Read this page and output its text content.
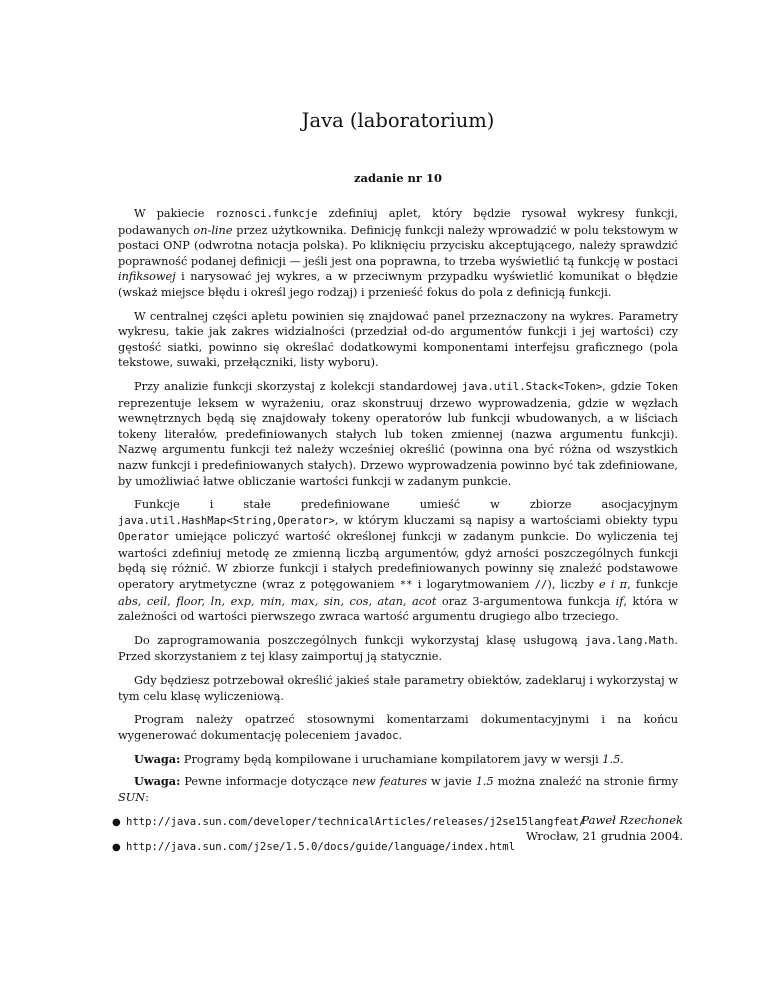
Java (laboratorium)
zadanie nr 10

W pakiecie roznosci.funkcje zdefiniuj aplet, który będzie rysował wykresy funkcji, podawanych on-line przez użytkownika. Definicję funkcji należy wprowadzić w polu tekstowym w postaci ONP (odwrotna notacja polska). Po kliknięciu przycisku akceptującego, należy sprawdzić poprawność podanej definicji — jeśli jest ona poprawna, to trzeba wyświetlić tą funkcję w postaci infiksowej i narysować jej wykres, a w przeciwnym przypadku wyświetlić komunikat o błędzie (wskaż miejsce błędu i określ jego rodzaj) i przenieść fokus do pola z definicją funkcji.

W centralnej części apletu powinien się znajdować panel przeznaczony na wykres. Parametry wykresu, takie jak zakres widzialności (przedział od-do argumentów funkcji i jej wartości) czy gęstość siatki, powinno się określać dodatkowymi komponentami interfejsu graficznego (pola tekstowe, suwaki, przełączniki, listy wyboru).

Przy analizie funkcji skorzystaj z kolekcji standardowej java.util.Stack<Token>, gdzie Token reprezentuje leksem w wyrażeniu, oraz skonstruuj drzewo wyprowadzenia, gdzie w węzłach wewnętrznych będą się znajdowały tokeny operatorów lub funkcji wbudowanych, a w liściach tokeny literałów, predefiniowanych stałych lub token zmiennej (nazwa argumentu funkcji). Nazwę argumentu funkcji też należy wcześniej określić (powinna ona być różna od wszystkich nazw funkcji i predefiniowanych stałych). Drzewo wyprowadzenia powinno być tak zdefiniowane, by umożliwiać łatwe obliczanie wartości funkcji w zadanym punkcie.

Funkcje i stałe predefiniowane umieść w zbiorze asocjacyjnym java.util.HashMap<String,Operator>, w którym kluczami są napisy a wartościami obiekty typu Operator umiejące policzyć wartość określonej funkcji w zadanym punkcie. Do wyliczenia tej wartości zdefiniuj metodę ze zmienną liczbą argumentów, gdyż arności poszczególnych funkcji będą się różnić. W zbiorze funkcji i stałych predefiniowanych powinny się znaleźć podstawowe operatory arytmetyczne (wraz z potęgowaniem ** i logarytmowaniem //), liczby e i π, funkcje abs, ceil, floor, ln, exp, min, max, sin, cos, atan, acot oraz 3-argumentowa funkcja if, która w zależności od wartości pierwszego zwraca wartość argumentu drugiego albo trzeciego.

Do zaprogramowania poszczególnych funkcji wykorzystaj klasę usługową java.lang.Math. Przed skorzystaniem z tej klasy zaimportuj ją statycznie.

Gdy będziesz potrzebował określić jakieś stałe parametry obiektów, zadeklaruj i wykorzystaj w tym celu klasę wyliczeniową.

Program należy opatrzeć stosownymi komentarzami dokumentacyjnymi i na końcu wygenerować dokumentację poleceniem javadoc.

Uwaga: Programy będą kompilowane i uruchamiane kompilatorem javy w wersji 1.5.

Uwaga: Pewne informacje dotyczące new features w javie 1.5 można znaleźć na stronie firmy SUN:

● http://java.sun.com/developer/technicalArticles/releases/j2se15langfeat/
● http://java.sun.com/j2se/1.5.0/docs/guide/language/index.html
Paweł Rzechonek
Wrocław, 21 grudnia 2004.
